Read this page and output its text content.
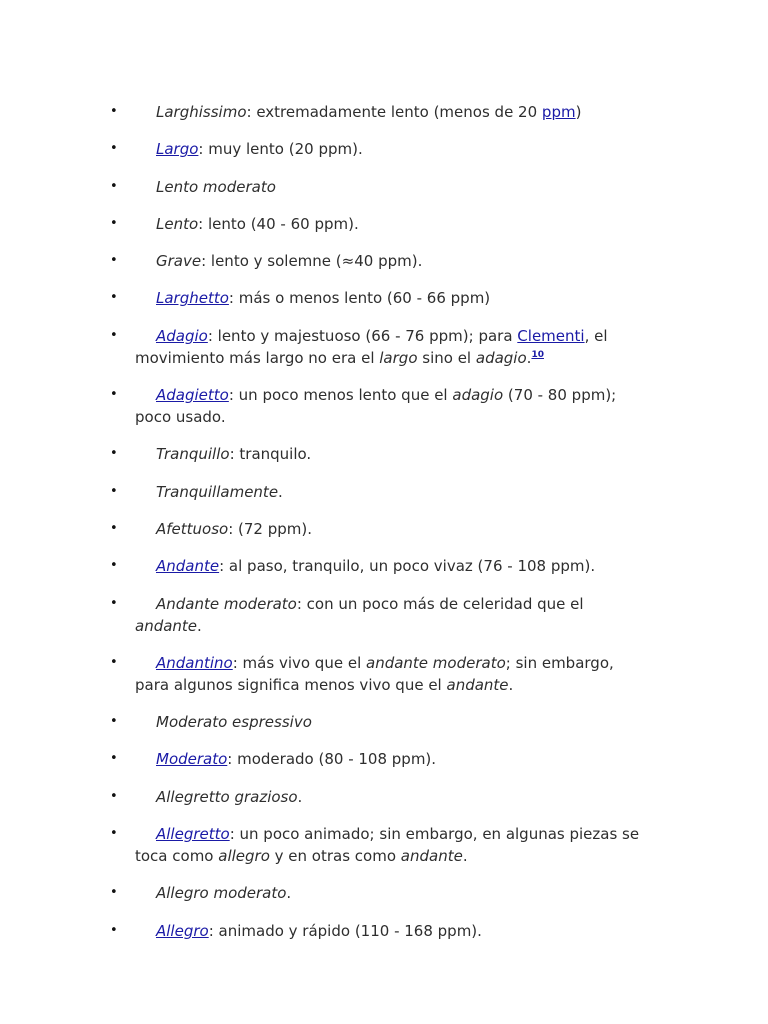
•	Larghissimo: extremadamente lento (menos de 20 ppm)
•	Largo: muy lento (20 ppm).
•	Lento moderato
•	Lento: lento (40 - 60 ppm).
•	Grave: lento y solemne (≈40 ppm).
•	Larghetto: más o menos lento (60 - 66 ppm)
•	Adagio: lento y majestuoso (66 - 76 ppm); para Clementi, el movimiento más largo no era el largo sino el adagio.$^{10}$
•	Adagietto: un poco menos lento que el adagio (70 - 80 ppm); poco usado.
•	Tranquillo: tranquilo.
•	Tranquillamente.
•	Afettuoso: (72 ppm).
•	Andante: al paso, tranquilo, un poco vivaz (76 - 108 ppm).
•	Andante moderato: con un poco más de celeridad que el andante.
•	Andantino: más vivo que el andante moderato; sin embargo, para algunos significa menos vivo que el andante.
•	Moderato espressivo
•	Moderato: moderado (80 - 108 ppm).
•	Allegretto grazioso.
•	Allegretto: un poco animado; sin embargo, en algunas piezas se toca como allegro y en otras como andante.
•	Allegro moderato.
•	Allegro: animado y rápido (110 - 168 ppm).
